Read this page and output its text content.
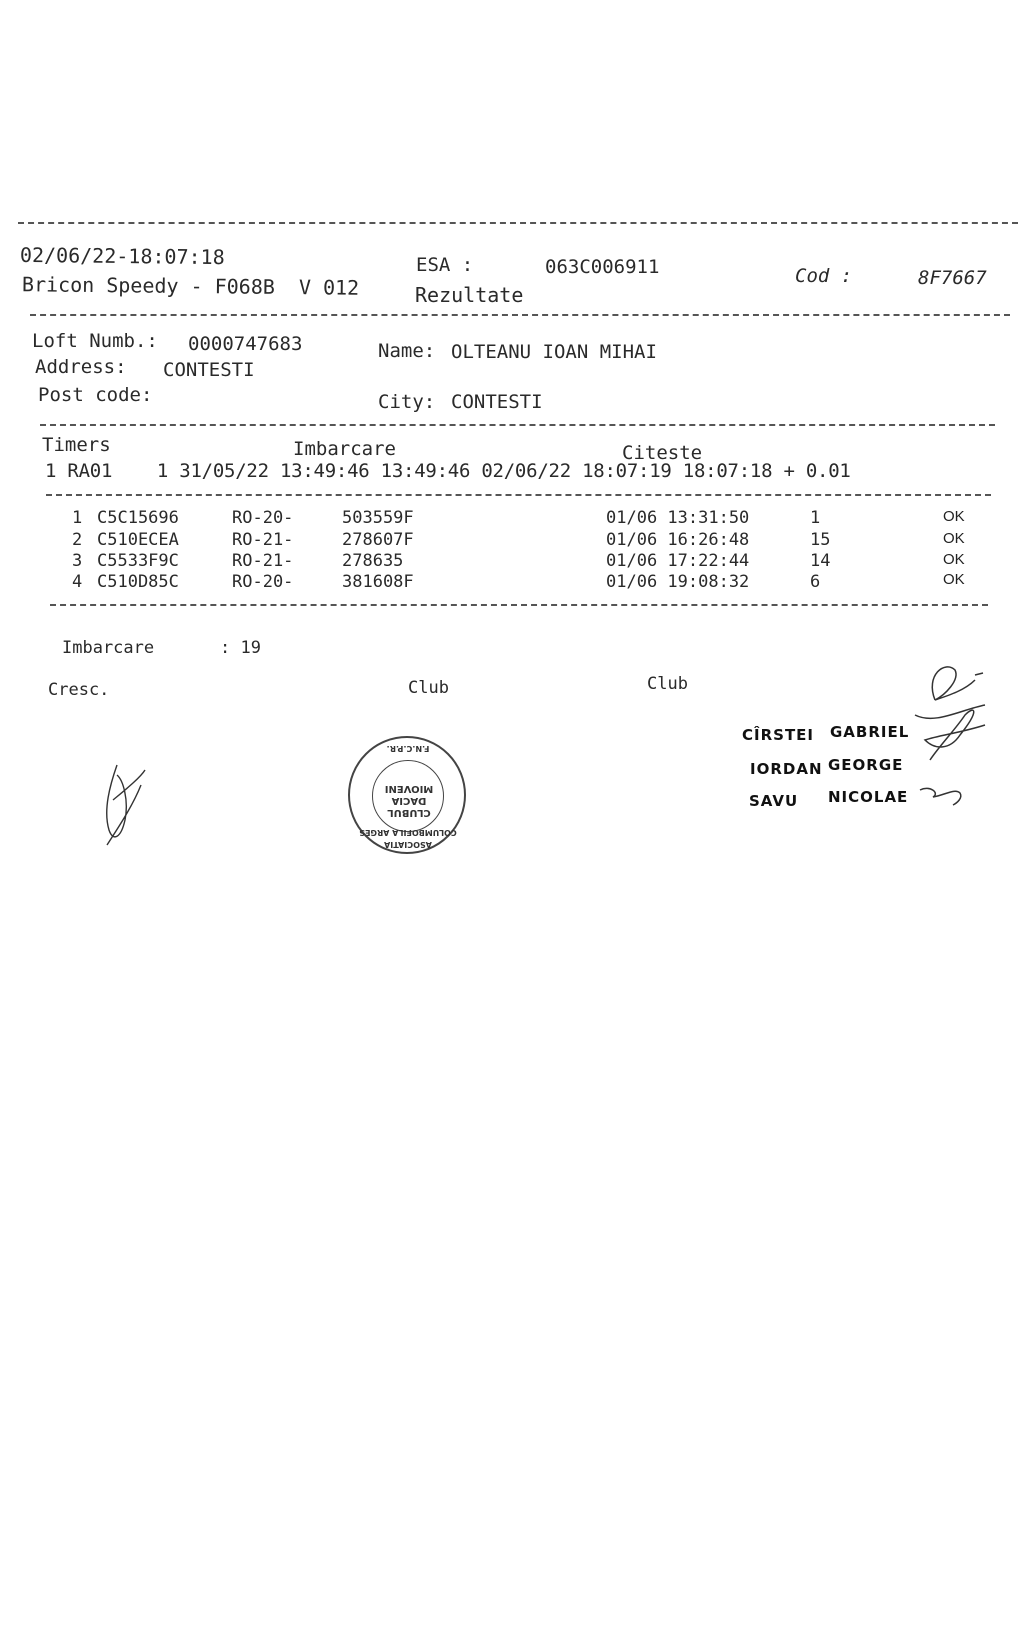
02/06/22-18:07:18
Bricon Speedy - F068B  V 012
ESA :	063C006911
Rezultate
Cod :	8F7667
Loft Numb.: 0000747683	Name: OLTEANU IOAN MIHAI
Address: CONTESTI
Post code:	City: CONTESTI
Timers	Imbarcare	Citeste
1 RA01    1 31/05/22 13:49:46 13:49:46 02/06/22 18:07:19 18:07:18 + 0.01
1 C5C15696	RO-20-	503559F	01/06 13:31:50	1	OK
2 C510ECEA	RO-21-	278607F	01/06 16:26:48	15	OK
3 C5533F9C	RO-21-	278635	01/06 17:22:44	14	OK
4 C510D85C	RO-20-	381608F	01/06 19:08:32	6	OK
Imbarcare	: 19
Cresc.	Club	Club
ASOCIATIA COLUMBOFILA ARGES
F.N.C.P.R.
CLUBUL DACIA MIOVENI
CÎRSTEI GABRIEL
IORDAN GEORGE
SAVU NICOLAE
